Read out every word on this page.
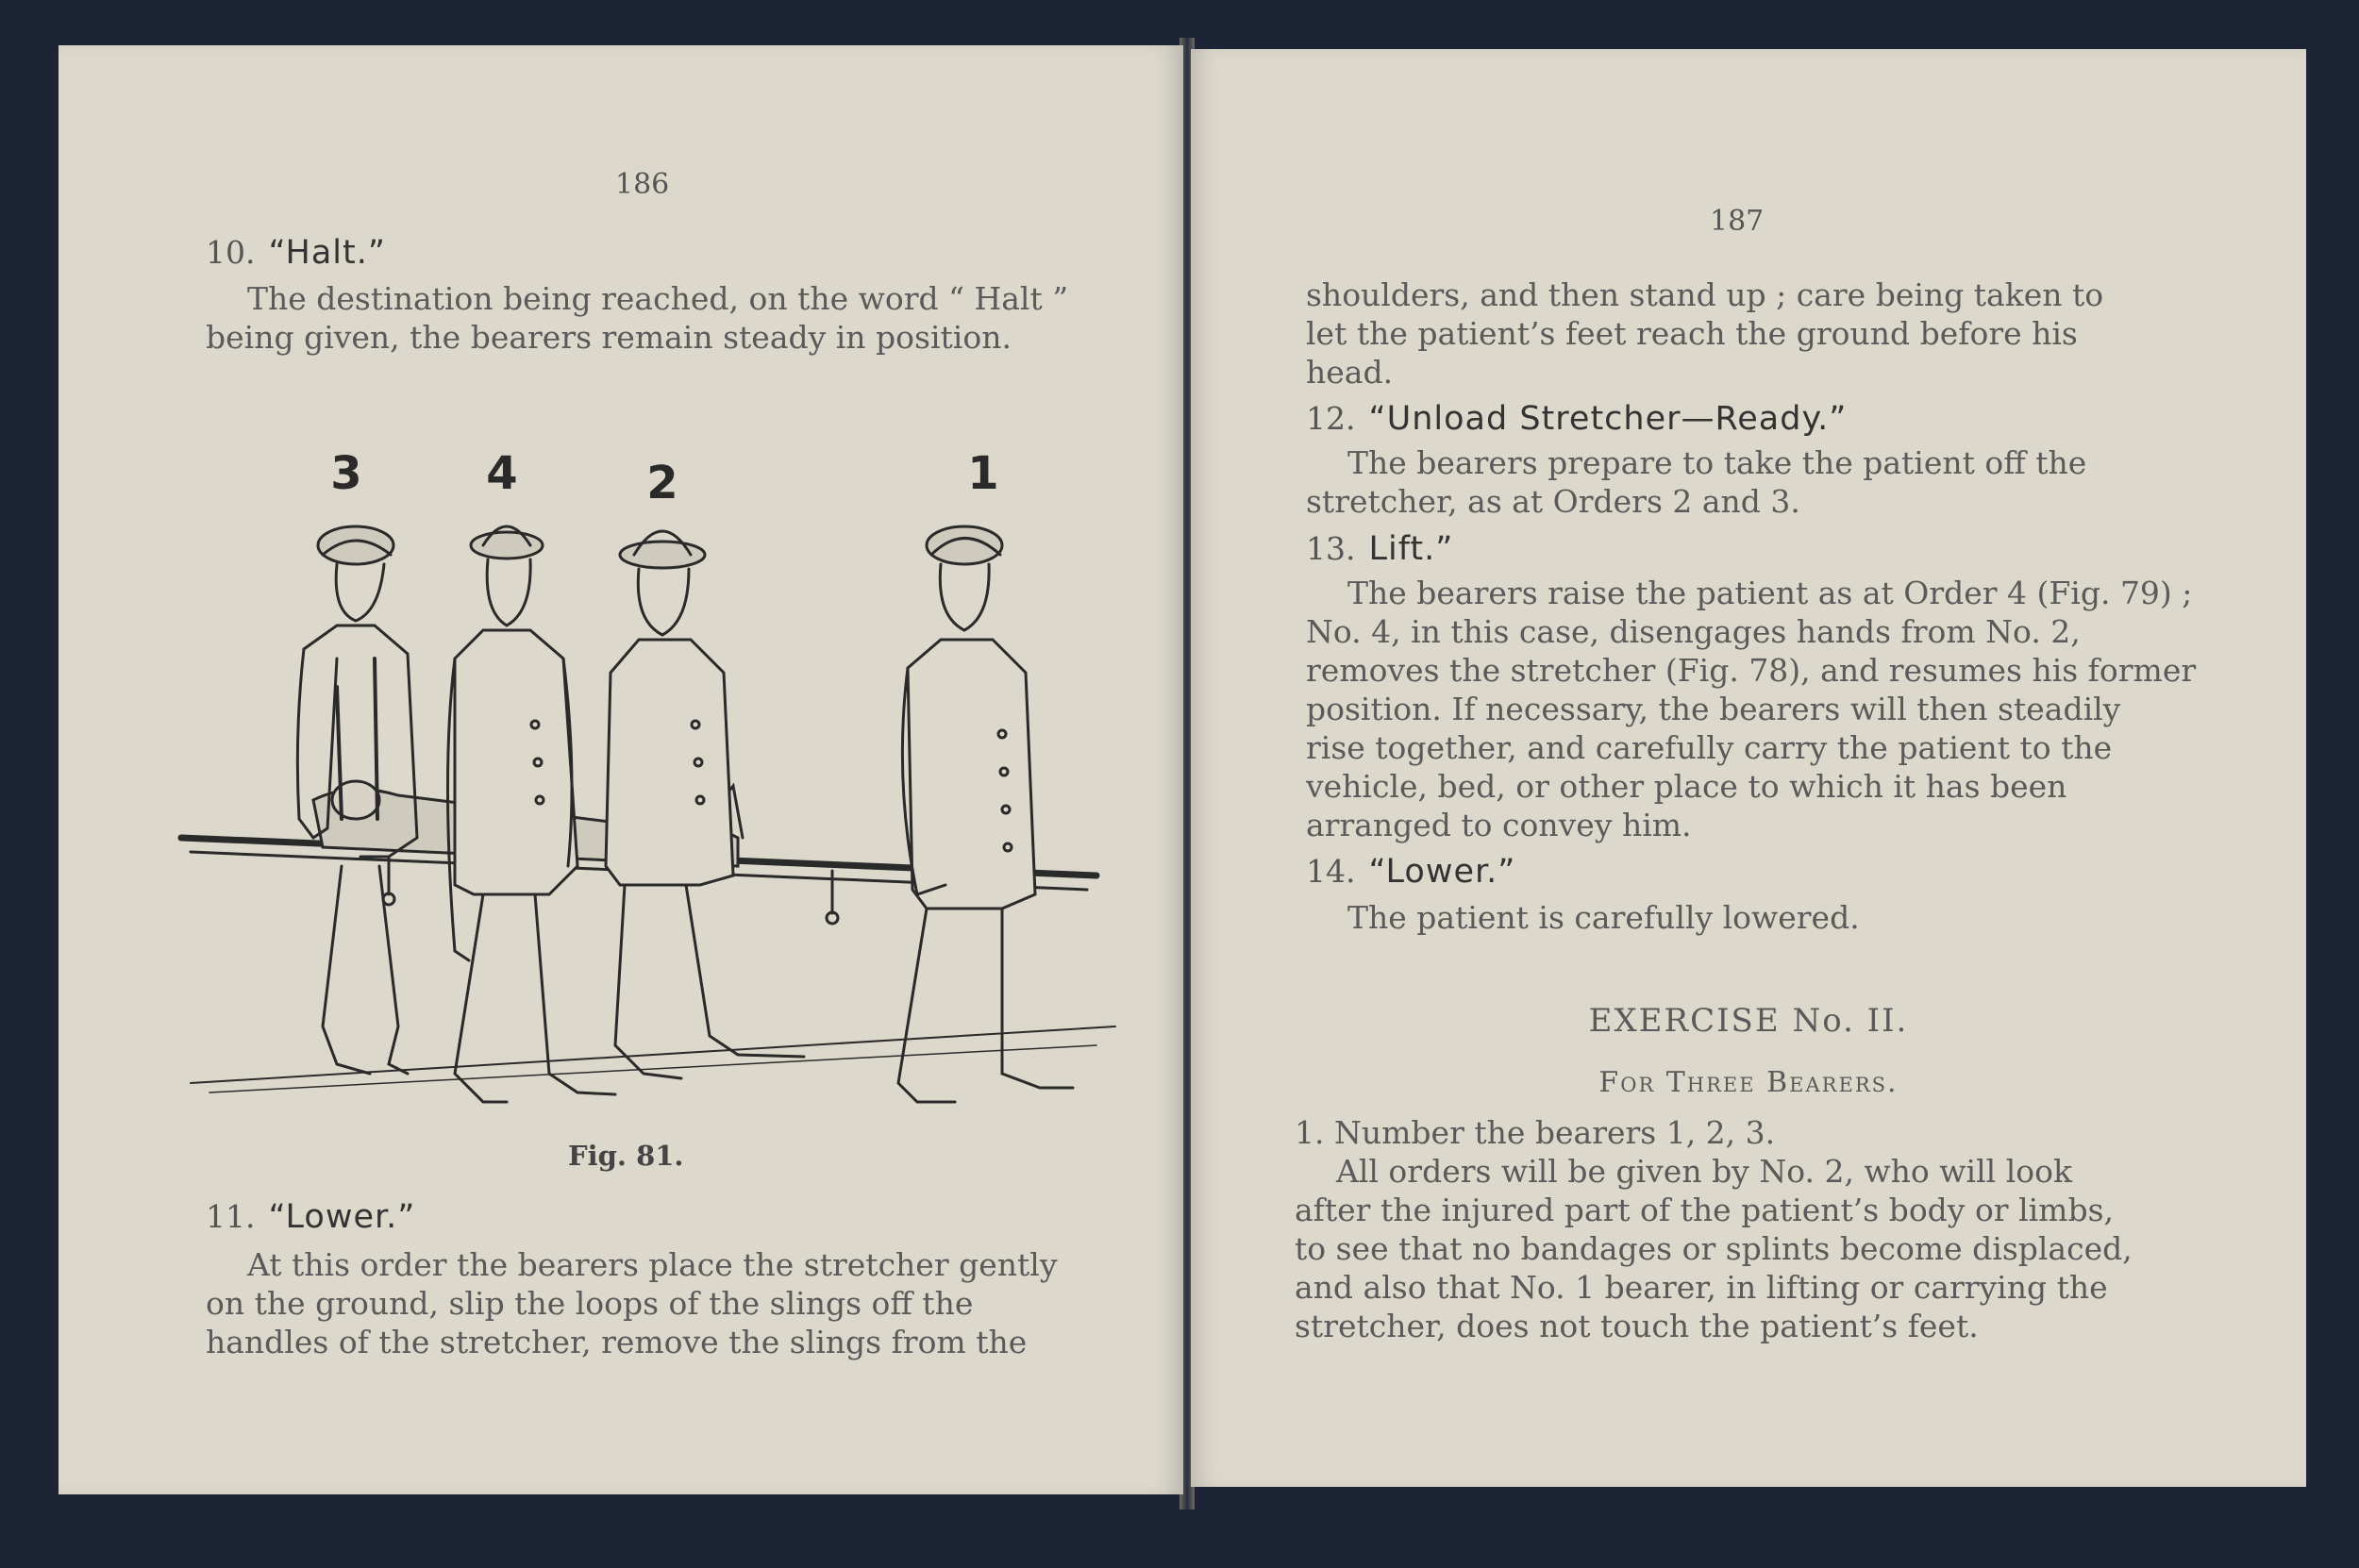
186
10. “Halt.”
The destination being reached, on the word “ Halt ”
being given, the bearers remain steady in position.
3	4	2	1
Fig. 81.
11. “Lower.”
At this order the bearers place the stretcher gently
on the ground, slip the loops of the slings off the
handles of the stretcher, remove the slings from the
187
shoulders, and then stand up ; care being taken to
let the patient’s feet reach the ground before his
head.
12. “Unload Stretcher—Ready.”
The bearers prepare to take the patient off the
stretcher, as at Orders 2 and 3.
13. Lift.”
The bearers raise the patient as at Order 4 (Fig. 79) ;
No. 4, in this case, disengages hands from No. 2,
removes the stretcher (Fig. 78), and resumes his former
position. If necessary, the bearers will then steadily
rise together, and carefully carry the patient to the
vehicle, bed, or other place to which it has been
arranged to convey him.
14. “Lower.”
The patient is carefully lowered.
EXERCISE No. II.
For Three Bearers.
1. Number the bearers 1, 2, 3.
All orders will be given by No. 2, who will look
after the injured part of the patient’s body or limbs,
to see that no bandages or splints become displaced,
and also that No. 1 bearer, in lifting or carrying the
stretcher, does not touch the patient’s feet.
